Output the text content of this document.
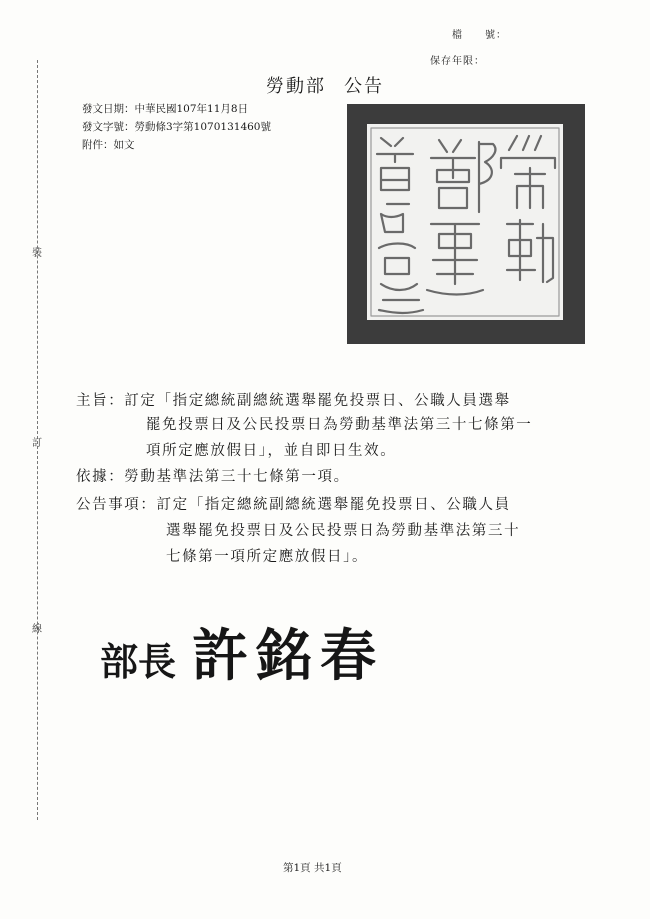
裝
訂
線
檔　　號：
保存年限：
勞動部 公告
發文日期：中華民國107年11月8日
發文字號：勞動條3字第1070131460號
附件：如文
主旨：訂定「指定總統副總統選舉罷免投票日、公職人員選舉
罷免投票日及公民投票日為勞動基準法第三十七條第一
項所定應放假日」，並自即日生效。
依據：勞動基準法第三十七條第一項。
公告事項：訂定「指定總統副總統選舉罷免投票日、公職人員
選舉罷免投票日及公民投票日為勞動基準法第三十
七條第一項所定應放假日」。
部長 許銘春
第1頁 共1頁
